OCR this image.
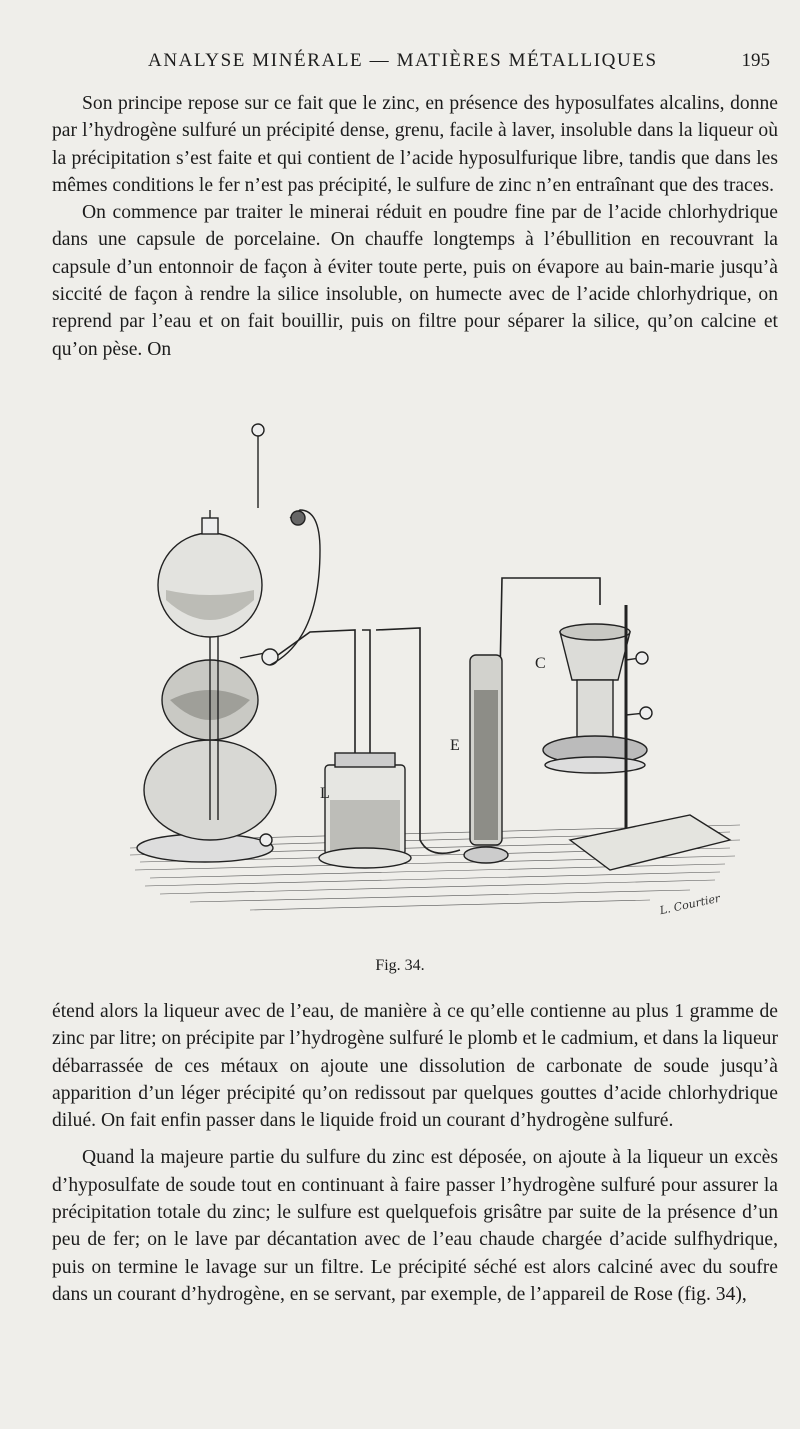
ANALYSE MINÉRALE — MATIÈRES MÉTALLIQUES	195

Son principe repose sur ce fait que le zinc, en présence des hyposulfates alcalins, donne par l’hydrogène sulfuré un précipité dense, grenu, facile à laver, insoluble dans la liqueur où la précipitation s’est faite et qui contient de l’acide hyposulfurique libre, tandis que dans les mêmes conditions le fer n’est pas précipité, le sulfure de zinc n’en entraînant que des traces.

On commence par traiter le minerai réduit en poudre fine par de l’acide chlorhydrique dans une capsule de porcelaine. On chauffe longtemps à l’ébullition en recouvrant la capsule d’un entonnoir de façon à éviter toute perte, puis on évapore au bain-marie jusqu’à siccité de façon à rendre la silice insoluble, on humecte avec de l’acide chlorhydrique, on reprend par l’eau et on fait bouillir, puis on filtre pour séparer la silice, qu’on calcine et qu’on pèse. On

L
E
C
L. Courtier
Fig. 34.

étend alors la liqueur avec de l’eau, de manière à ce qu’elle contienne au plus 1 gramme de zinc par litre; on précipite par l’hydrogène sulfuré le plomb et le cadmium, et dans la liqueur débarrassée de ces métaux on ajoute une dissolution de carbonate de soude jusqu’à apparition d’un léger précipité qu’on redissout par quelques gouttes d’acide chlorhydrique dilué. On fait enfin passer dans le liquide froid un courant d’hydrogène sulfuré.

Quand la majeure partie du sulfure du zinc est déposée, on ajoute à la liqueur un excès d’hyposulfate de soude tout en continuant à faire passer l’hydrogène sulfuré pour assurer la précipitation totale du zinc; le sulfure est quelquefois grisâtre par suite de la présence d’un peu de fer; on le lave par décantation avec de l’eau chaude chargée d’acide sulfhydrique, puis on termine le lavage sur un filtre. Le précipité séché est alors calciné avec du soufre dans un courant d’hydrogène, en se servant, par exemple, de l’appareil de Rose (fig. 34),
